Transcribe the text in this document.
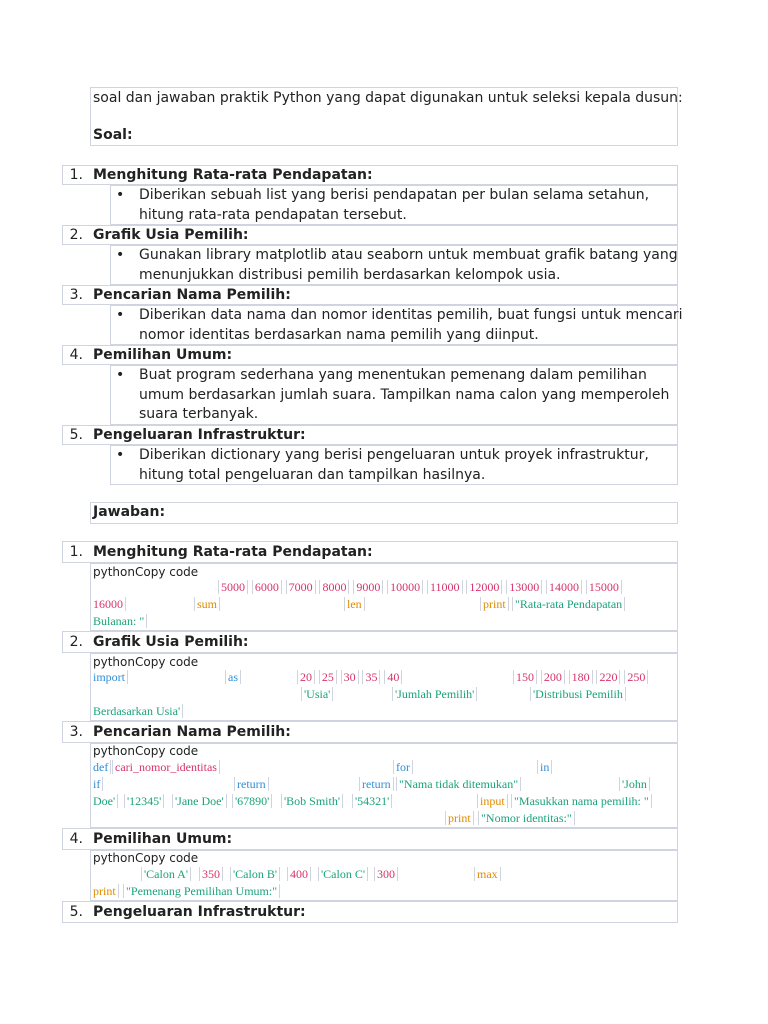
soal dan jawaban praktik Python yang dapat digunakan untuk seleksi kepala dusun:
Soal:
1. Menghitung Rata-rata Pendapatan:
• Diberikan sebuah list yang berisi pendapatan per bulan selama setahun,
hitung rata-rata pendapatan tersebut.
2. Grafik Usia Pemilih:
• Gunakan library matplotlib atau seaborn untuk membuat grafik batang yang
menunjukkan distribusi pemilih berdasarkan kelompok usia.
3. Pencarian Nama Pemilih:
• Diberikan data nama dan nomor identitas pemilih, buat fungsi untuk mencari
nomor identitas berdasarkan nama pemilih yang diinput.
4. Pemilihan Umum:
• Buat program sederhana yang menentukan pemenang dalam pemilihan
umum berdasarkan jumlah suara. Tampilkan nama calon yang memperoleh
suara terbanyak.
5. Pengeluaran Infrastruktur:
• Diberikan dictionary yang berisi pengeluaran untuk proyek infrastruktur,
hitung total pengeluaran dan tampilkan hasilnya.
Jawaban:
1. Menghitung Rata-rata Pendapatan:
pythonCopy code
5000 6000 7000 8000 9000 10000 11000 12000 13000 14000 15000
16000	sum	len	print "Rata-rata Pendapatan
Bulanan: "
2. Grafik Usia Pemilih:
pythonCopy code
import	as	20 25 30 35 40	150 200 180 220 250
'Usia'	'Jumlah Pemilih'	'Distribusi Pemilih
Berdasarkan Usia'
3. Pencarian Nama Pemilih:
pythonCopy code
def cari_nomor_identitas	for	in
if	return	return "Nama tidak ditemukan"	'John
Doe' '12345' 'Jane Doe' '67890' 'Bob Smith' '54321'	input "Masukkan nama pemilih: "
print "Nomor identitas:"
4. Pemilihan Umum:
pythonCopy code
'Calon A' 350 'Calon B' 400 'Calon C' 300	max
print "Pemenang Pemilihan Umum:"
5. Pengeluaran Infrastruktur:
